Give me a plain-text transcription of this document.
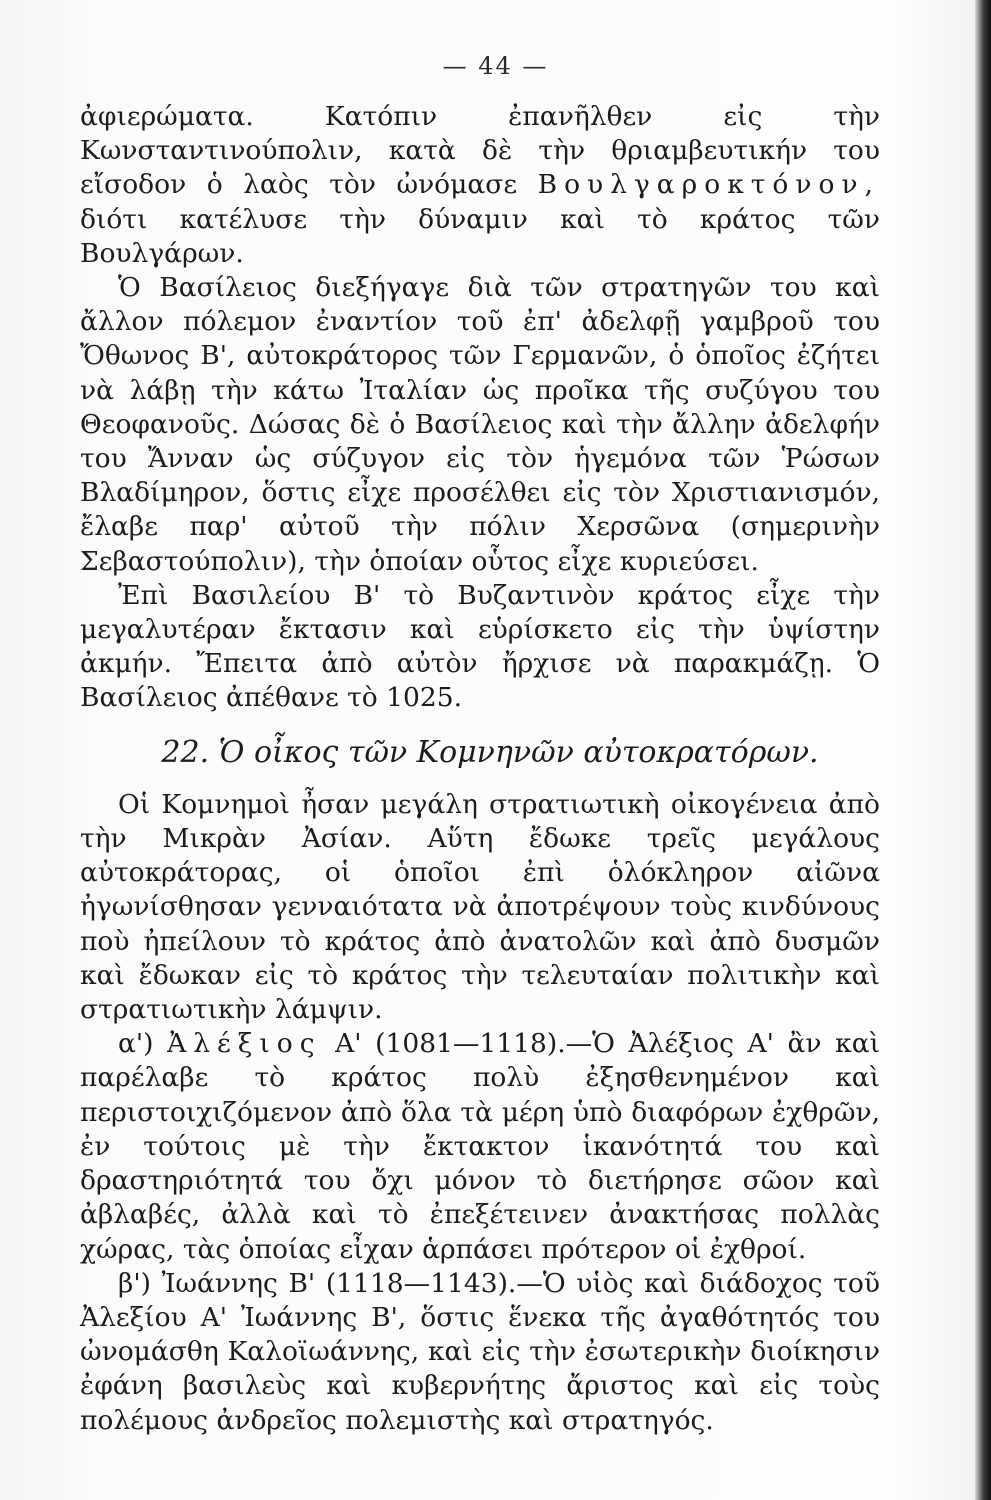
— 44 —

ἀφιερώματα. Κατόπιν ἐπανῆλθεν εἰς τὴν Κωνσταντινούπολιν, κατὰ δὲ τὴν θριαμβευτικήν του εἴσοδον ὁ λαὸς τὸν ὠνόμασε Βουλγαροκτόνον, διότι κατέλυσε τὴν δύναμιν καὶ τὸ κράτος τῶν Βουλγάρων.

Ὁ Βασίλειος διεξήγαγε διὰ τῶν στρατηγῶν του καὶ ἄλλον πόλεμον ἐναντίον τοῦ ἐπ' ἀδελφῇ γαμβροῦ του Ὄθωνος Β', αὐτοκράτορος τῶν Γερμανῶν, ὁ ὁποῖος ἐζήτει νὰ λάβῃ τὴν κάτω Ἰταλίαν ὡς προῖκα τῆς συζύγου του Θεοφανοῦς. Δώσας δὲ ὁ Βασίλειος καὶ τὴν ἄλλην ἀδελφήν του Ἄνναν ὡς σύζυγον εἰς τὸν ἡγεμόνα τῶν Ῥώσων Βλαδίμηρον, ὅστις εἶχε προσέλθει εἰς τὸν Χριστιανισμόν, ἔλαβε παρ' αὐτοῦ τὴν πόλιν Χερσῶνα (σημερινὴν Σεβαστούπολιν), τὴν ὁποίαν οὗτος εἶχε κυριεύσει.

Ἐπὶ Βασιλείου Β' τὸ Βυζαντινὸν κράτος εἶχε τὴν μεγαλυτέραν ἔκτασιν καὶ εὑρίσκετο εἰς τὴν ὑψίστην ἀκμήν. Ἔπειτα ἀπὸ αὐτὸν ἤρχισε νὰ παρακμάζῃ. Ὁ Βασίλειος ἀπέθανε τὸ 1025.

22. Ὁ οἶκος τῶν Κομνηνῶν αὐτοκρατόρων.

Οἱ Κομνημοὶ ἦσαν μεγάλη στρατιωτικὴ οἰκογένεια ἀπὸ τὴν Μικρὰν Ἀσίαν. Αὕτη ἔδωκε τρεῖς μεγάλους αὐτοκράτορας, οἱ ὁποῖοι ἐπὶ ὁλόκληρον αἰῶνα ἠγωνίσθησαν γενναιότατα νὰ ἀποτρέψουν τοὺς κινδύνους ποὺ ἠπείλουν τὸ κράτος ἀπὸ ἀνατολῶν καὶ ἀπὸ δυσμῶν καὶ ἔδωκαν εἰς τὸ κράτος τὴν τελευταίαν πολιτικὴν καὶ στρατιωτικὴν λάμψιν.

α') Ἀλέξιος Α' (1081—1118).—Ὁ Ἀλέξιος Α' ἂν καὶ παρέλαβε τὸ κράτος πολὺ ἐξησθενημένον καὶ περιστοιχιζόμενον ἀπὸ ὅλα τὰ μέρη ὑπὸ διαφόρων ἐχθρῶν, ἐν τούτοις μὲ τὴν ἔκτακτον ἱκανότητά του καὶ δραστηριότητά του ὄχι μόνον τὸ διετήρησε σῶον καὶ ἀβλαβές, ἀλλὰ καὶ τὸ ἐπεξέτεινεν ἀνακτήσας πολλὰς χώρας, τὰς ὁποίας εἶχαν ἁρπάσει πρότερον οἱ ἐχθροί.

β') Ἰωάννης Β' (1118—1143).—Ὁ υἱὸς καὶ διάδοχος τοῦ Ἀλεξίου Α' Ἰωάννης Β', ὅστις ἕνεκα τῆς ἀγαθότητός του ὠνομάσθη Καλοϊωάννης, καὶ εἰς τὴν ἐσωτερικὴν διοίκησιν ἐφάνη βασιλεὺς καὶ κυβερνήτης ἄριστος καὶ εἰς τοὺς πολέμους ἀνδρεῖος πολεμιστὴς καὶ στρατηγός.
